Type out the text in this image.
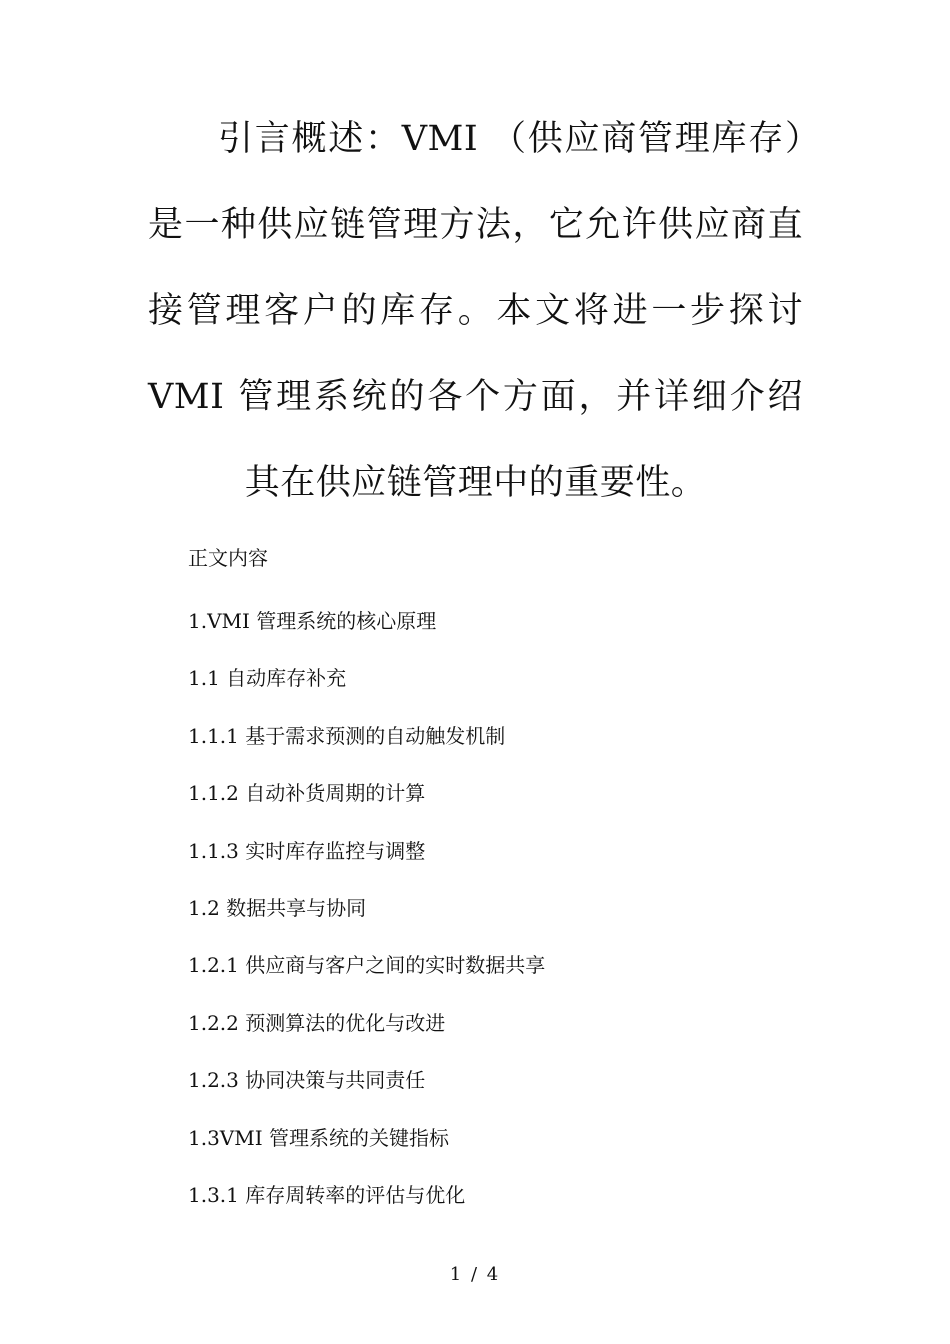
引言概述：VMI （供应商管理库存）是一种供应链管理方法，它允许供应商直接管理客户的库存。本文将进一步探讨VMI 管理系统的各个方面，并详细介绍其在供应链管理中的重要性。

正文内容
1.VMI 管理系统的核心原理
1.1 自动库存补充
1.1.1 基于需求预测的自动触发机制
1.1.2 自动补货周期的计算
1.1.3 实时库存监控与调整
1.2 数据共享与协同
1.2.1 供应商与客户之间的实时数据共享
1.2.2 预测算法的优化与改进
1.2.3 协同决策与共同责任
1.3VMI 管理系统的关键指标
1.3.1 库存周转率的评估与优化
1 / 4
